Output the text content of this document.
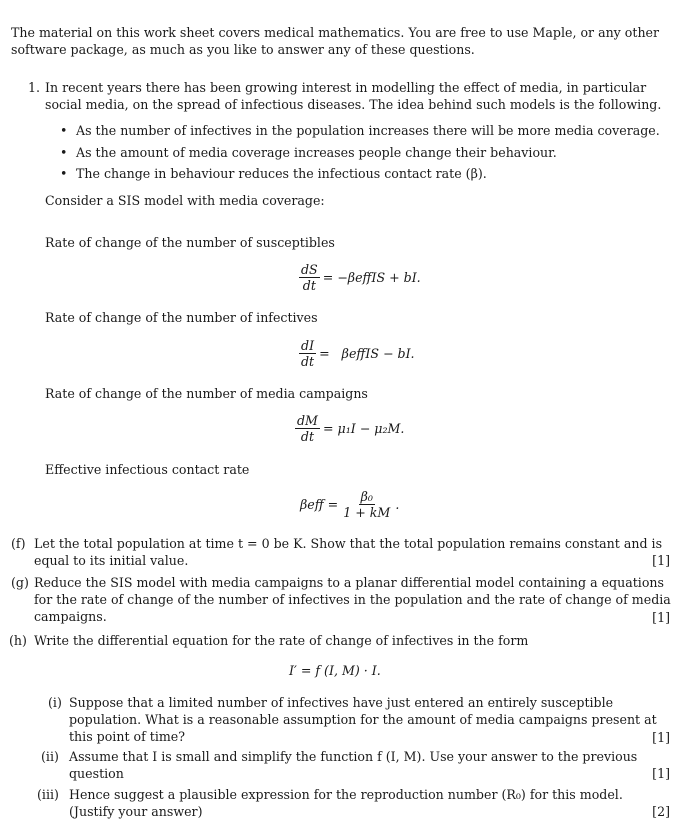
The material on this work sheet covers medical mathematics. You are free to use Maple, or any other software package, as much as you like to answer any of these questions.
1. In recent years there has been growing interest in modelling the effect of media, in particular social media, on the spread of infectious diseases. The idea behind such models is the following.
• As the number of infectives in the population increases there will be more media coverage.
• As the amount of media coverage increases people change their behaviour.
• The change in behaviour reduces the infectious contact rate (β).
Consider a SIS model with media coverage:
Rate of change of the number of susceptibles
$\frac{dS}{dt}$ = −βeffIS + bI.
Rate of change of the number of infectives
$\frac{dI}{dt}$ =   βeffIS − bI.
Rate of change of the number of media campaigns
$\frac{dM}{dt} = \mu_1I - \mu_2M$.
Effective infectious contact rate
$\beta eff = \frac{\text{β₀}}{1 + kM}$ .
(f) Let the total population at time t = 0 be K. Show that the total population remains constant and is equal to its initial value.	[1]
(g) Reduce the SIS model with media campaigns to a planar differential model containing a equations for the rate of change of the number of infectives in the population and the rate of change of media campaigns.	[1]
(h) Write the differential equation for the rate of change of infectives in the form
I′ = f (I, M) · I.
(i) Suppose that a limited number of infectives have just entered an entirely susceptible population. What is a reasonable assumption for the amount of media campaigns present at this point of time?	[1]
(ii) Assume that I is small and simplify the function f (I, M). Use your answer to the previous question	[1]
(iii) Hence suggest a plausible expression for the reproduction number (R₀) for this model. (Justify your answer)	[2]
